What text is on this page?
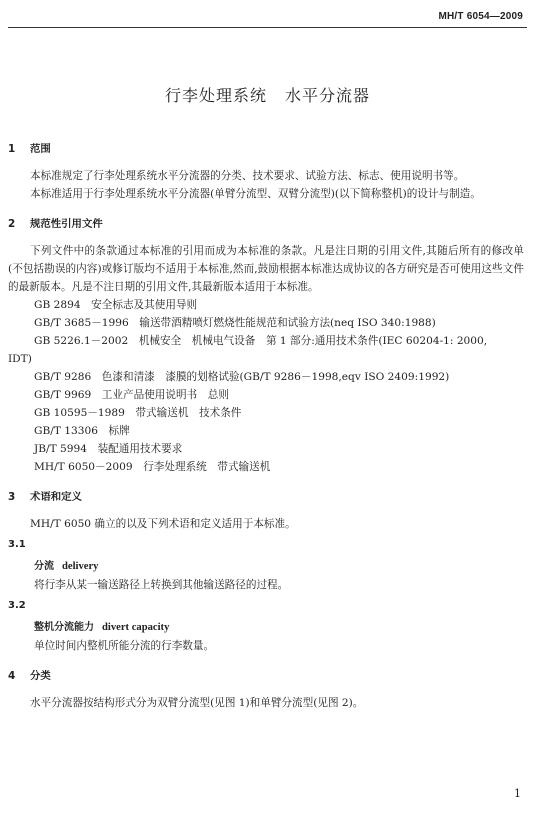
MH/T 6054—2009
行李处理系统 水平分流器

1 范围

本标准规定了行李处理系统水平分流器的分类、技术要求、试验方法、标志、使用说明书等。

本标准适用于行李处理系统水平分流器(单臂分流型、双臂分流型)(以下简称整机)的设计与制造。

2 规范性引用文件

下列文件中的条款通过本标准的引用而成为本标准的条款。凡是注日期的引用文件,其随后所有的修改单(不包括勘误的内容)或修订版均不适用于本标准,然而,鼓励根据本标准达成协议的各方研究是否可使用这些文件的最新版本。凡是不注日期的引用文件,其最新版本适用于本标准。

GB 2894　安全标志及其使用导则

GB/T 3685－1996　输送带酒精喷灯燃烧性能规范和试验方法(neq ISO 340:1988)

GB 5226.1－2002　机械安全　机械电气设备　第 1 部分:通用技术条件(IEC 60204-1: 2000,
IDT)

GB/T 9286　色漆和清漆　漆膜的划格试验(GB/T 9286－1998,eqv ISO 2409:1992)

GB/T 9969　工业产品使用说明书　总则

GB 10595－1989　带式输送机　技术条件

GB/T 13306　标牌

JB/T 5994　装配通用技术要求

MH/T 6050－2009　行李处理系统　带式输送机

3 术语和定义

MH/T 6050 确立的以及下列术语和定义适用于本标准。

3.1

分流 delivery

将行李从某一输送路径上转换到其他输送路径的过程。

3.2

整机分流能力 divert capacity

单位时间内整机所能分流的行李数量。

4 分类

水平分流器按结构形式分为双臂分流型(见图 1)和单臂分流型(见图 2)。

1
